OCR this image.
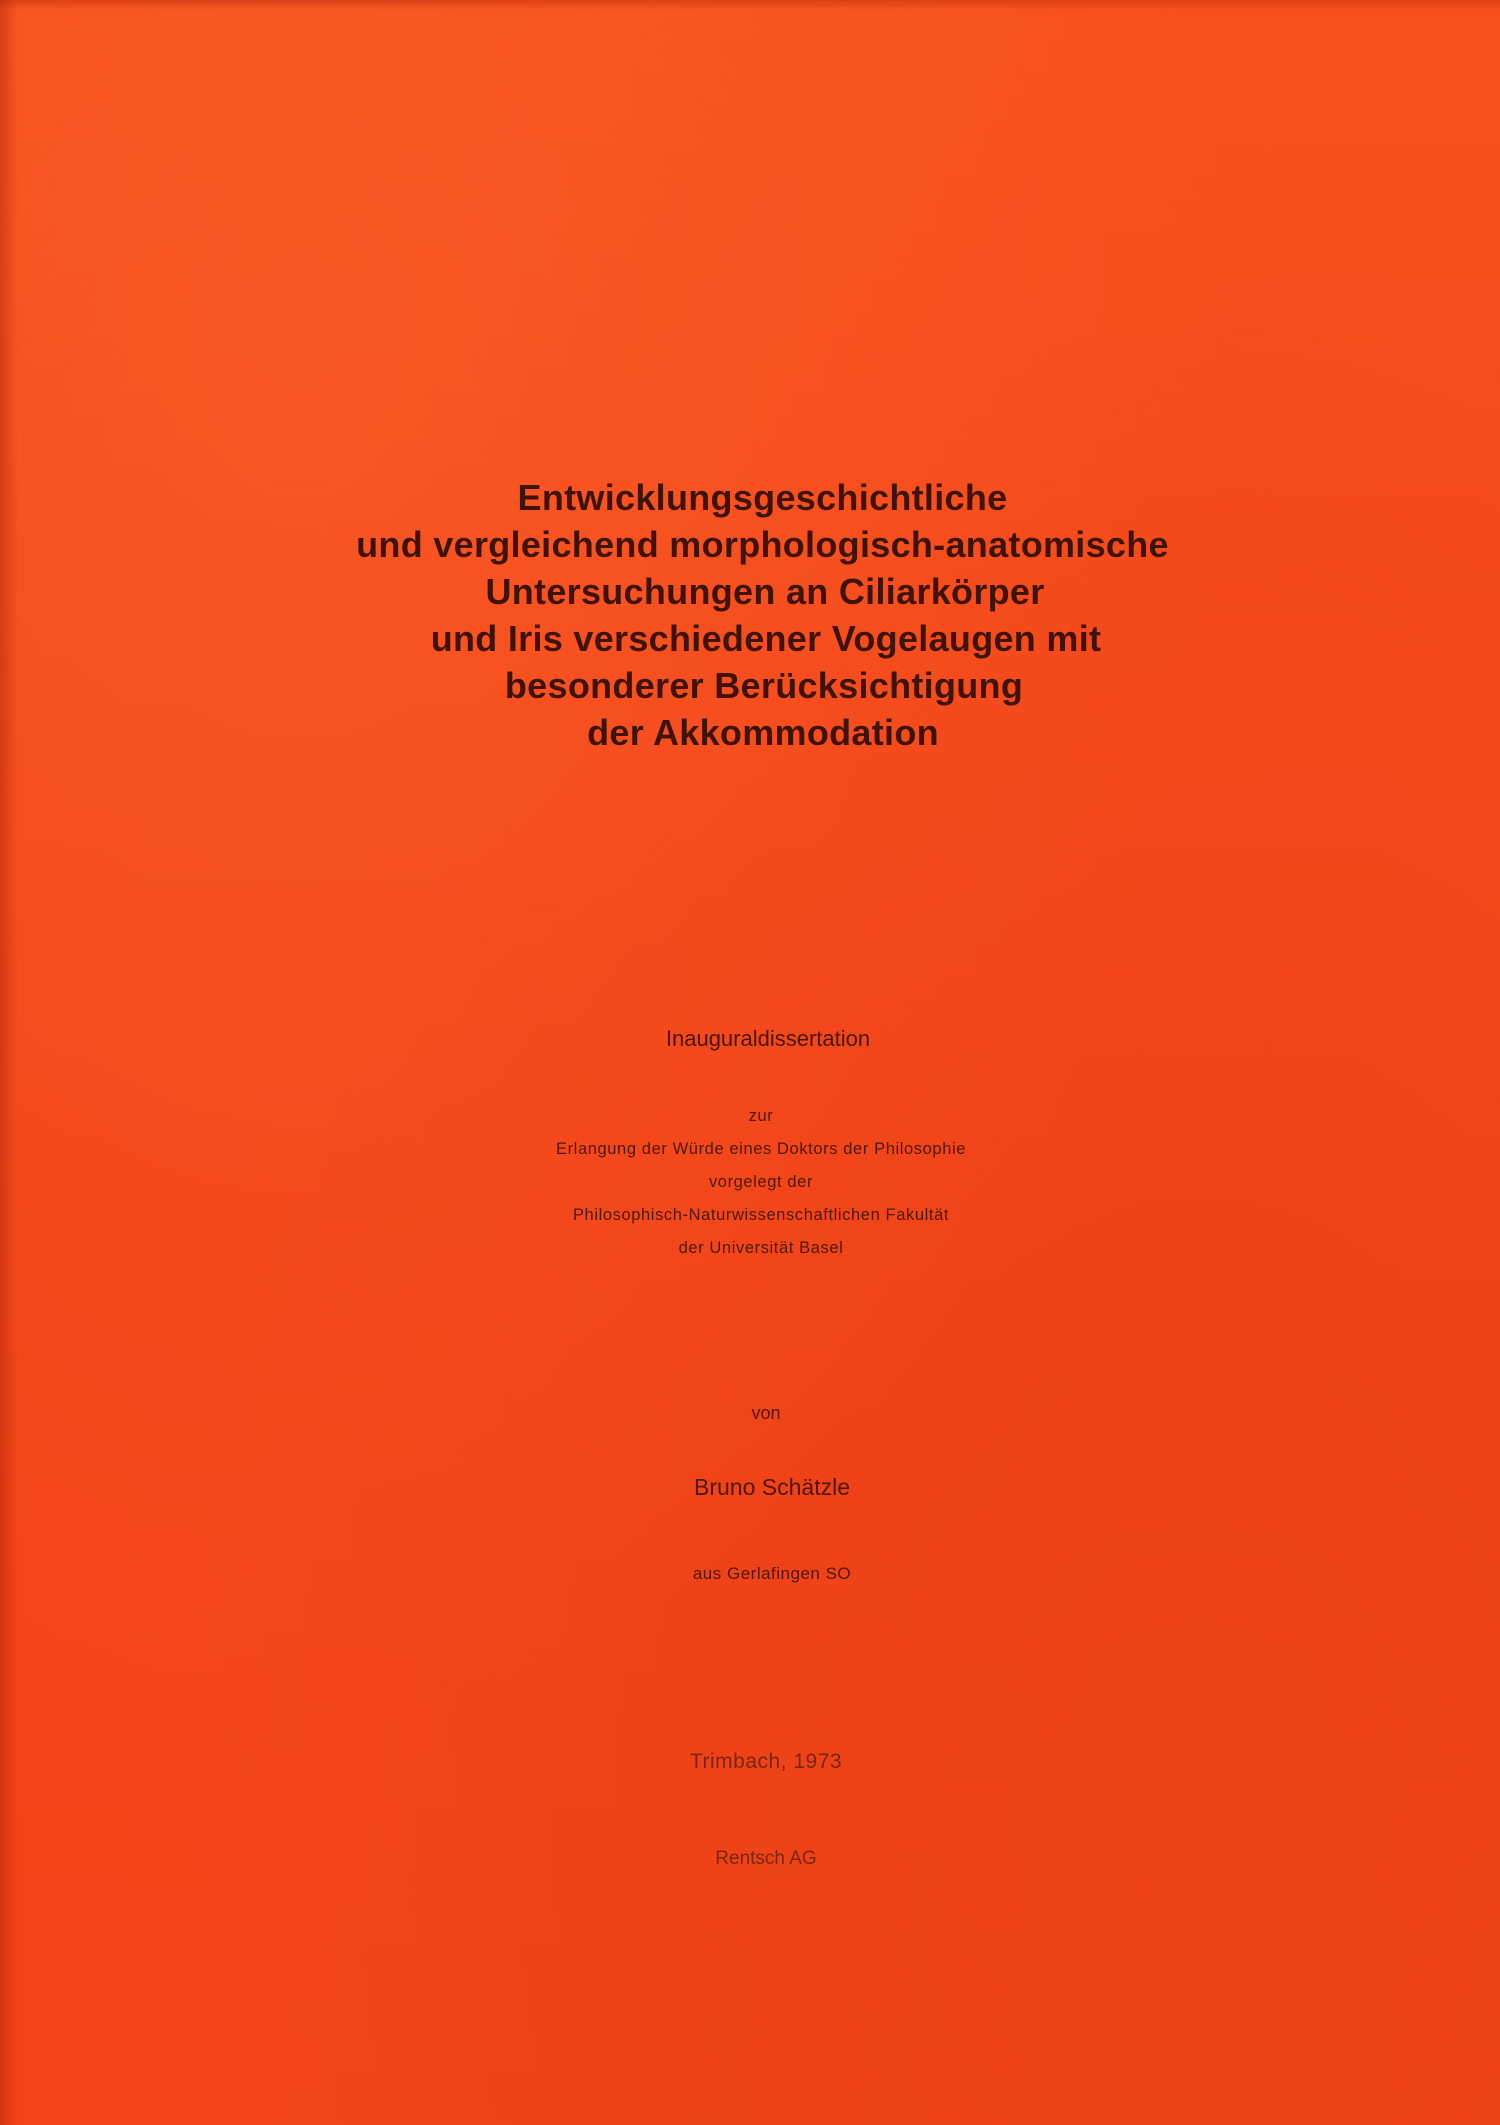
Entwicklungsgeschichtliche
und vergleichend morphologisch-anatomische
Untersuchungen an Ciliarkörper
und Iris verschiedener Vogelaugen mit
besonderer Berücksichtigung
der Akkommodation
Inauguraldissertation
zur
Erlangung der Würde eines Doktors der Philosophie
vorgelegt der
Philosophisch-Naturwissenschaftlichen Fakultät
der Universität Basel
von
Bruno Schätzle
aus Gerlafingen SO
Trimbach, 1973
Rentsch AG
